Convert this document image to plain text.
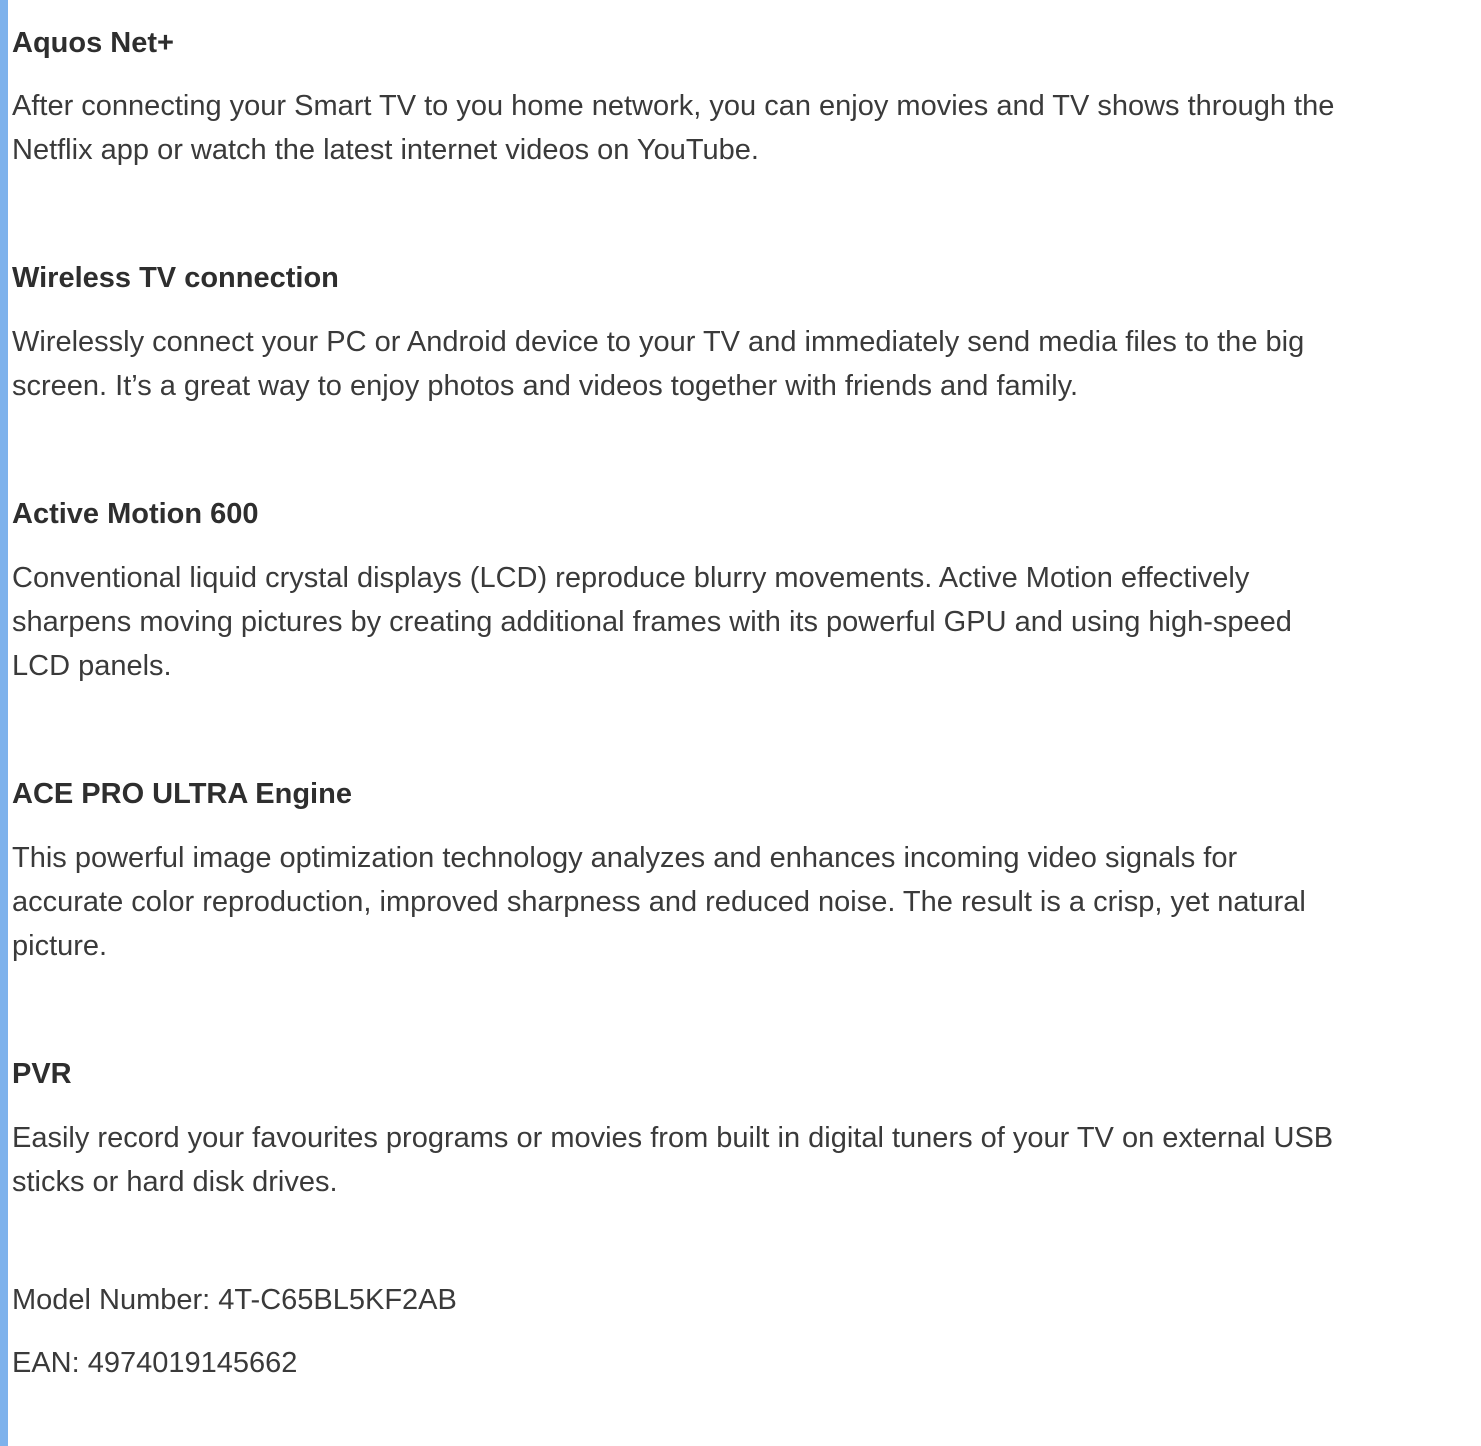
Aquos Net+
After connecting your Smart TV to you home network, you can enjoy movies and TV shows through the
Netflix app or watch the latest internet videos on YouTube.
Wireless TV connection
Wirelessly connect your PC or Android device to your TV and immediately send media files to the big
screen. It’s a great way to enjoy photos and videos together with friends and family.
Active Motion 600
Conventional liquid crystal displays (LCD) reproduce blurry movements. Active Motion effectively
sharpens moving pictures by creating additional frames with its powerful GPU and using high-speed
LCD panels.
ACE PRO ULTRA Engine
This powerful image optimization technology analyzes and enhances incoming video signals for
accurate color reproduction, improved sharpness and reduced noise. The result is a crisp, yet natural
picture.
PVR
Easily record your favourites programs or movies from built in digital tuners of your TV on external USB
sticks or hard disk drives.
Model Number: 4T-C65BL5KF2AB
EAN: 4974019145662
